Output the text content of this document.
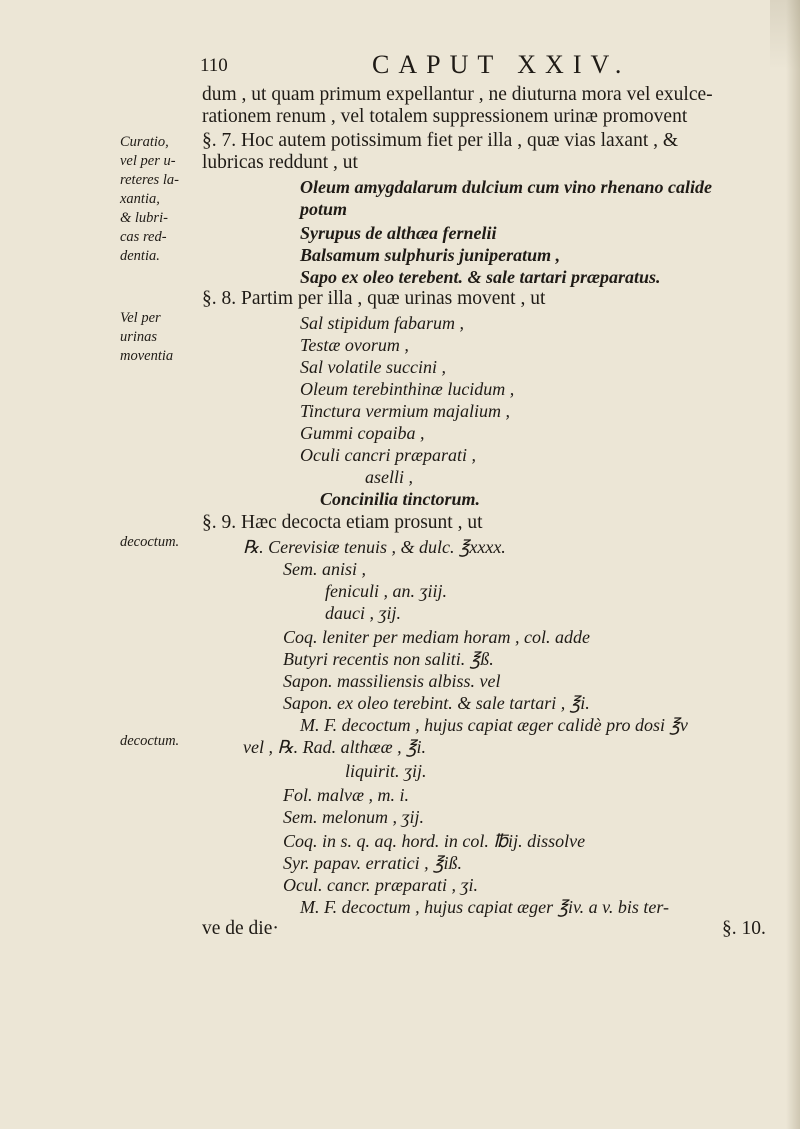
110	CAPUT XXIV.
Curatio,
vel per u-
reteres la-
xantia,
& lubri-
cas red-
dentia.
Vel per
urinas
moventia
decoctum.
decoctum.
dum , ut quam primum expellantur , ne diuturna mora vel exulce-
rationem renum , vel totalem suppressionem urinæ promovent
§. 7. Hoc autem potissimum fiet per illa , quæ vias laxant , &
lubricas reddunt , ut
Oleum amygdalarum dulcium cum vino rhenano calide
potum
Syrupus de althæa fernelii
Balsamum sulphuris juniperatum ,
Sapo ex oleo terebent. & sale tartari præparatus.
§. 8. Partim per illa , quæ urinas movent , ut
Sal stipidum fabarum ,
Testæ ovorum ,
Sal volatile succini ,
Oleum terebinthinæ lucidum ,
Tinctura vermium majalium ,
Gummi copaiba ,
Oculi cancri præparati ,
aselli ,
Concinilia tinctorum.
§. 9. Hæc decocta etiam prosunt , ut
℞. Cerevisiæ tenuis , & dulc. ℥xxxx.
Sem. anisi ,
feniculi , an. ʒiij.
dauci , ʒij.
Coq. leniter per mediam horam , col. adde
Butyri recentis non saliti. ℥ß.
Sapon. massiliensis albiss. vel
Sapon. ex oleo terebint. & sale tartari , ℥i.
M. F. decoctum , hujus capiat æger calidè pro dosi ℥v
vel , ℞. Rad. althææ , ℥i.
liquirit. ʒij.
Fol. malvæ , m. i.
Sem. melonum , ʒij.
Coq. in s. q. aq. hord. in col. ℔ij. dissolve
Syr. papav. erratici , ℥iß.
Ocul. cancr. præparati , ʒi.
M. F. decoctum , hujus capiat æger ℥iv. a v. bis ter-
ve de die·	§. 10.
